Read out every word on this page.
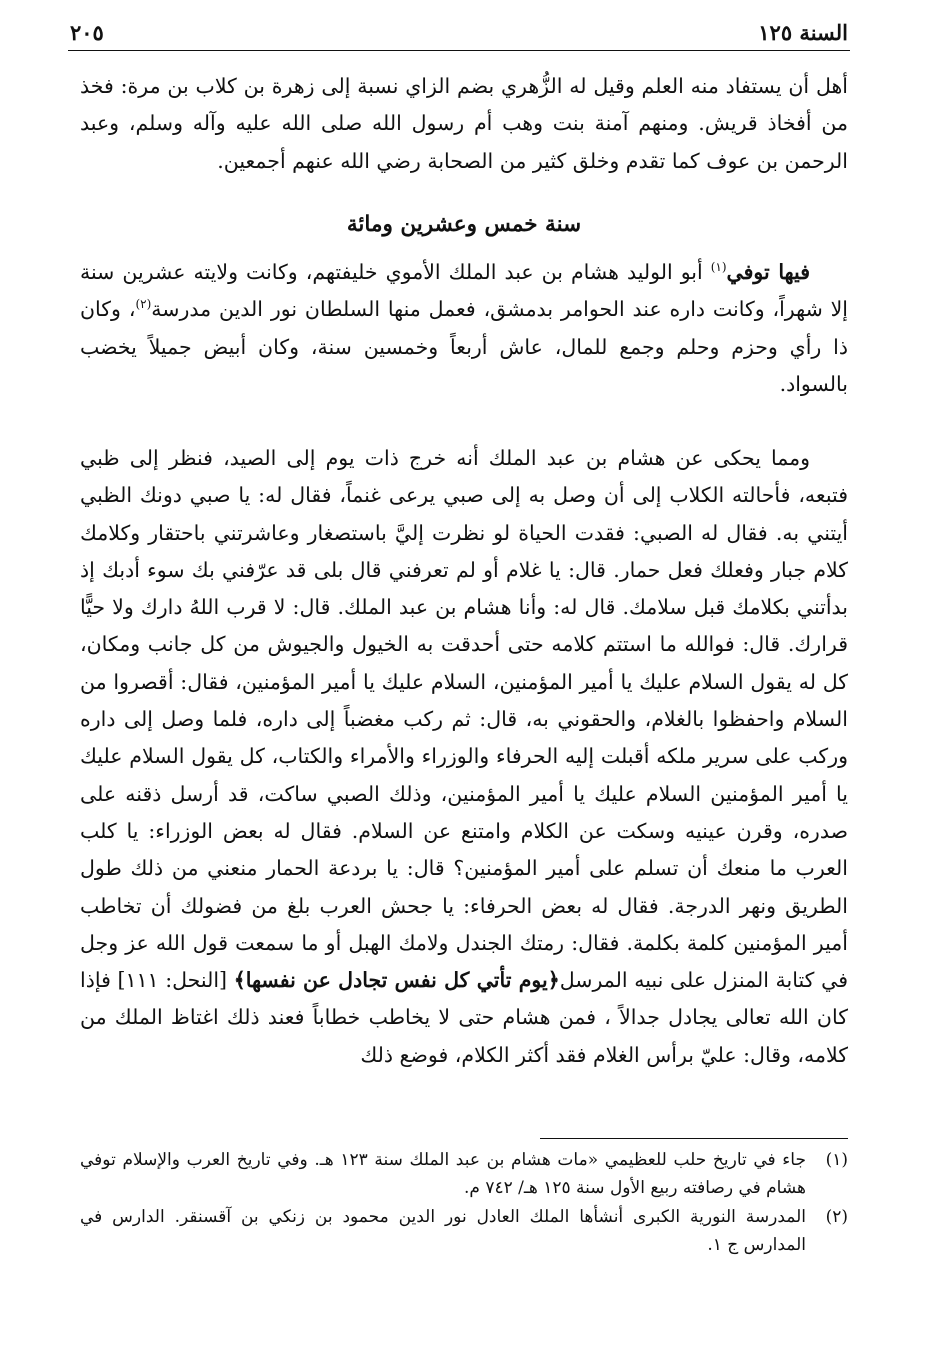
السنة ١٢٥
٢٠٥

أهل أن يستفاد منه العلم وقيل له الزُّهري بضم الزاي نسبة إلى زهرة بن كلاب بن مرة: فخذ من أفخاذ قريش. ومنهم آمنة بنت وهب أم رسول الله صلى الله عليه وآله وسلم، وعبد الرحمن بن عوف كما تقدم وخلق كثير من الصحابة رضي الله عنهم أجمعين.

سنة خمس وعشرين ومائة

فيها توفي$^{(١)}$ أبو الوليد هشام بن عبد الملك الأموي خليفتهم، وكانت ولايته عشرين سنة إلا شهراً، وكانت داره عند الحوامر بدمشق، فعمل منها السلطان نور الدين مدرسة$^{(٢)}$، وكان ذا رأي وحزم وحلم وجمع للمال، عاش أربعاً وخمسين سنة، وكان أبيض جميلاً يخضب بالسواد.

ومما يحكى عن هشام بن عبد الملك أنه خرج ذات يوم إلى الصيد، فنظر إلى ظبي فتبعه، فأحالته الكلاب إلى أن وصل به إلى صبي يرعى غنماً، فقال له: يا صبي دونك الظبي أيتني به. فقال له الصبي: فقدت الحياة لو نظرت إليَّ باستصغار وعاشرتني باحتقار وكلامك كلام جبار وفعلك فعل حمار. قال: يا غلام أو لم تعرفني قال بلى قد عرّفني بك سوء أدبك إذ بدأتني بكلامك قبل سلامك. قال له: وأنا هشام بن عبد الملك. قال: لا قرب اللهُ دارك ولا حيًّا قرارك. قال: فوالله ما استتم كلامه حتى أحدقت به الخيول والجيوش من كل جانب ومكان، كل له يقول السلام عليك يا أمير المؤمنين، السلام عليك يا أمير المؤمنين، فقال: أقصروا من السلام واحفظوا بالغلام، والحقوني به، قال: ثم ركب مغضباً إلى داره، فلما وصل إلى داره وركب على سرير ملكه أقبلت إليه الحرفاء والوزراء والأمراء والكتاب، كل يقول السلام عليك يا أمير المؤمنين السلام عليك يا أمير المؤمنين، وذلك الصبي ساكت، قد أرسل ذقنه على صدره، وقرن عينيه وسكت عن الكلام وامتنع عن السلام. فقال له بعض الوزراء: يا كلب العرب ما منعك أن تسلم على أمير المؤمنين؟ قال: يا بردعة الحمار منعني من ذلك طول الطريق ونهر الدرجة. فقال له بعض الحرفاء: يا جحش العرب بلغ من فضولك أن تخاطب أمير المؤمنين كلمة بكلمة. فقال: رمتك الجندل ولامك الهبل أو ما سمعت قول الله عز وجل في كتابة المنزل على نبيه المرسل﴿يوم تأتي كل نفس تجادل عن نفسها﴾ [النحل: ١١١] فإذا كان الله تعالى يجادل جدالاً ، فمن هشام حتى لا يخاطب خطاباً فعند ذلك اغتاظ الملك من كلامه، وقال: عليّ برأس الغلام فقد أكثر الكلام، فوضع ذلك

(١)
جاء في تاريخ حلب للعظيمي «مات هشام بن عبد الملك سنة ١٢٣ هـ. وفي تاريخ العرب والإسلام توفي هشام في رصافته ربيع الأول سنة ١٢٥ هـ/ ٧٤٢ م.
(٢)
المدرسة النورية الكبرى أنشأها الملك العادل نور الدين محمود بن زنكي بن آقسنقر. الدارس في المدارس ج ١.
